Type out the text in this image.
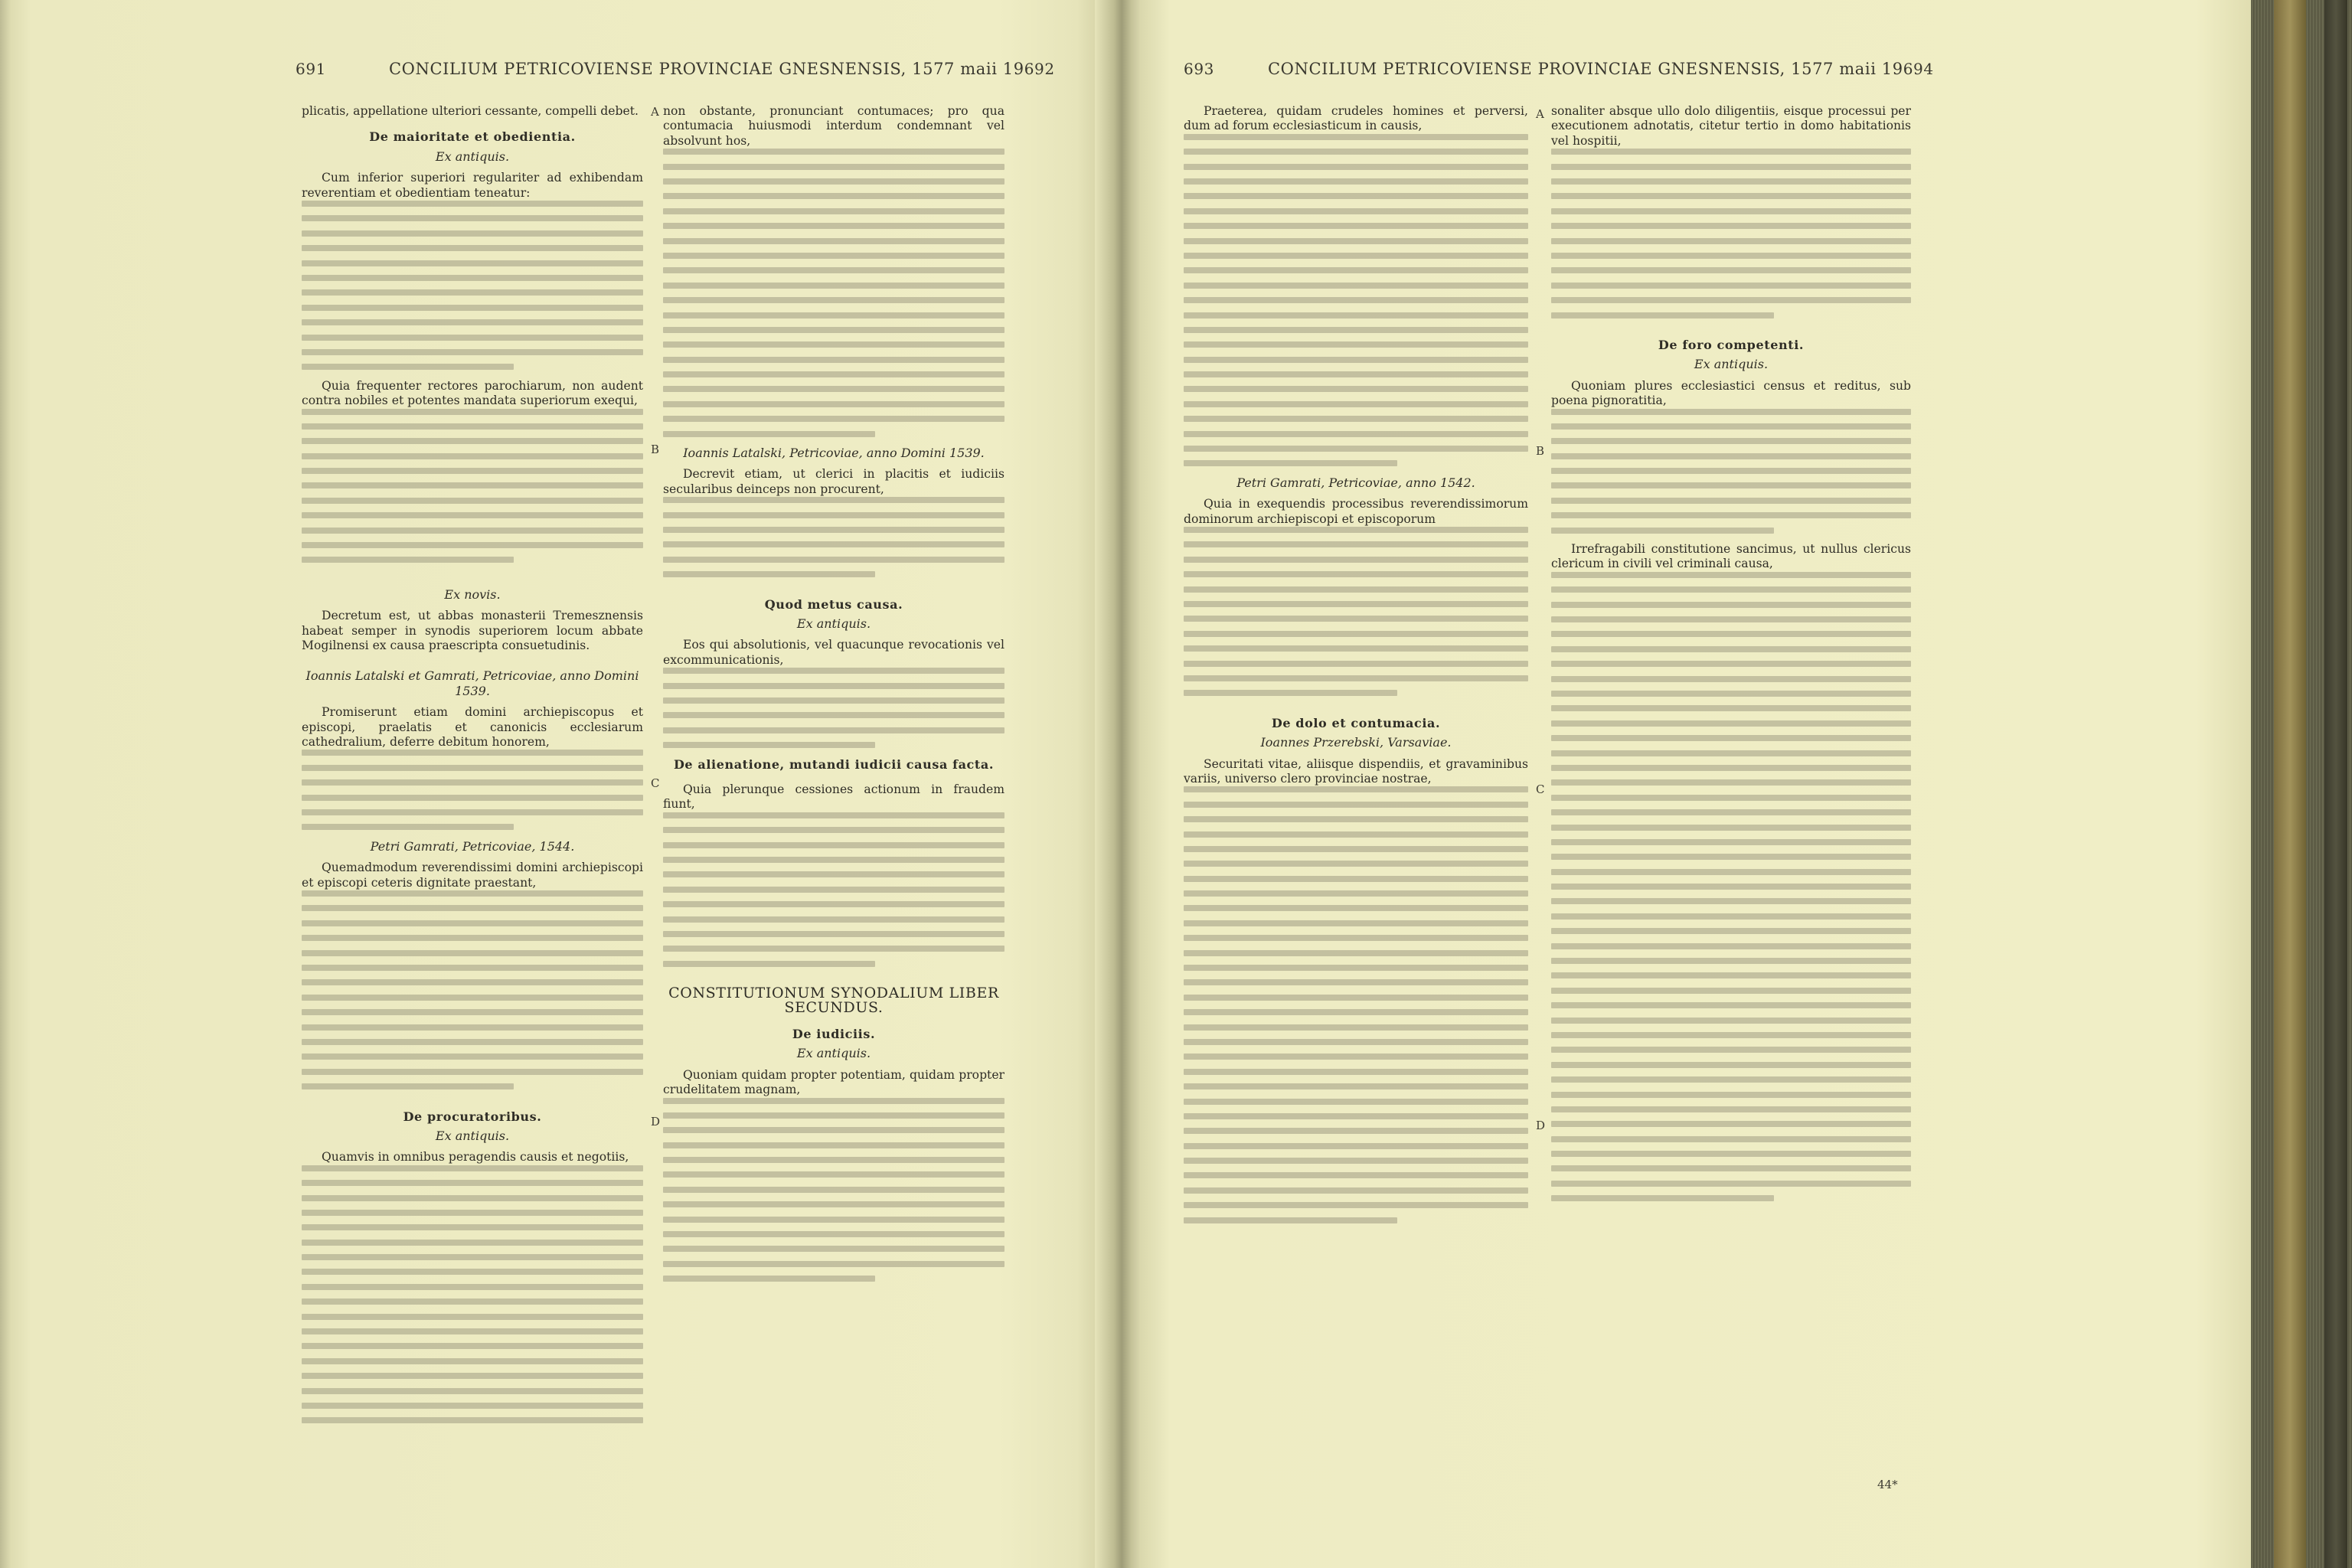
691	CONCILIUM PETRICOVIENSE PROVINCIAE GNESNENSIS, 1577 maii 19 692

plicatis, appellatione ulteriori cessante, compelli debet.

De maioritate et obedientia.

Ex antiquis.

Cum inferior superiori regulariter ad exhibendam reverentiam et obedientiam teneatur:

Quia frequenter rectores parochiarum, non audent contra nobiles et potentes mandata superiorum exequi,

Ex novis.

Decretum est, ut abbas monasterii Tremesznensis habeat semper in synodis superiorem locum abbate Mogilnensi ex causa praescripta consuetudinis.

Ioannis Latalski et Gamrati, Petricoviae, anno Domini 1539.

Promiserunt etiam domini archiepiscopus et episcopi, praelatis et canonicis ecclesiarum cathedralium, deferre debitum honorem,

Petri Gamrati, Petricoviae, 1544.

Quemadmodum reverendissimi domini archiepiscopi et episcopi ceteris dignitate praestant,

De procuratoribus.

Ex antiquis.

Quamvis in omnibus peragendis causis et negotiis,

A
B
C
D

non obstante, pronunciant contumaces; pro qua contumacia huiusmodi interdum condemnant vel absolvunt hos,

Ioannis Latalski, Petricoviae, anno Domini 1539.

Decrevit etiam, ut clerici in placitis et iudiciis secularibus deinceps non procurent,

Quod metus causa.

Ex antiquis.

Eos qui absolutionis, vel quacunque revocationis vel excommunicationis,

De alienatione, mutandi iudicii causa facta.

Quia plerunque cessiones actionum in fraudem fiunt,

CONSTITUTIONUM SYNODALIUM LIBER SECUNDUS.

De iudiciis.

Ex antiquis.

Quoniam quidam propter potentiam, quidam propter crudelitatem magnam,

693	CONCILIUM PETRICOVIENSE PROVINCIAE GNESNENSIS, 1577 maii 19 694

Praeterea, quidam crudeles homines et perversi, dum ad forum ecclesiasticum in causis,

Petri Gamrati, Petricoviae, anno 1542.

Quia in exequendis processibus reverendissimorum dominorum archiepiscopi et episcoporum

De dolo et contumacia.

Ioannes Przerebski, Varsaviae.

Securitati vitae, aliisque dispendiis, et gravaminibus variis, universo clero provinciae nostrae,

A
B
C
D

sonaliter absque ullo dolo diligentiis, eisque processui per executionem adnotatis, citetur tertio in domo habitationis vel hospitii,

De foro competenti.

Ex antiquis.

Quoniam plures ecclesiastici census et reditus, sub poena pignoratitia,

Irrefragabili constitutione sancimus, ut nullus clericus clericum in civili vel criminali causa,

44*
